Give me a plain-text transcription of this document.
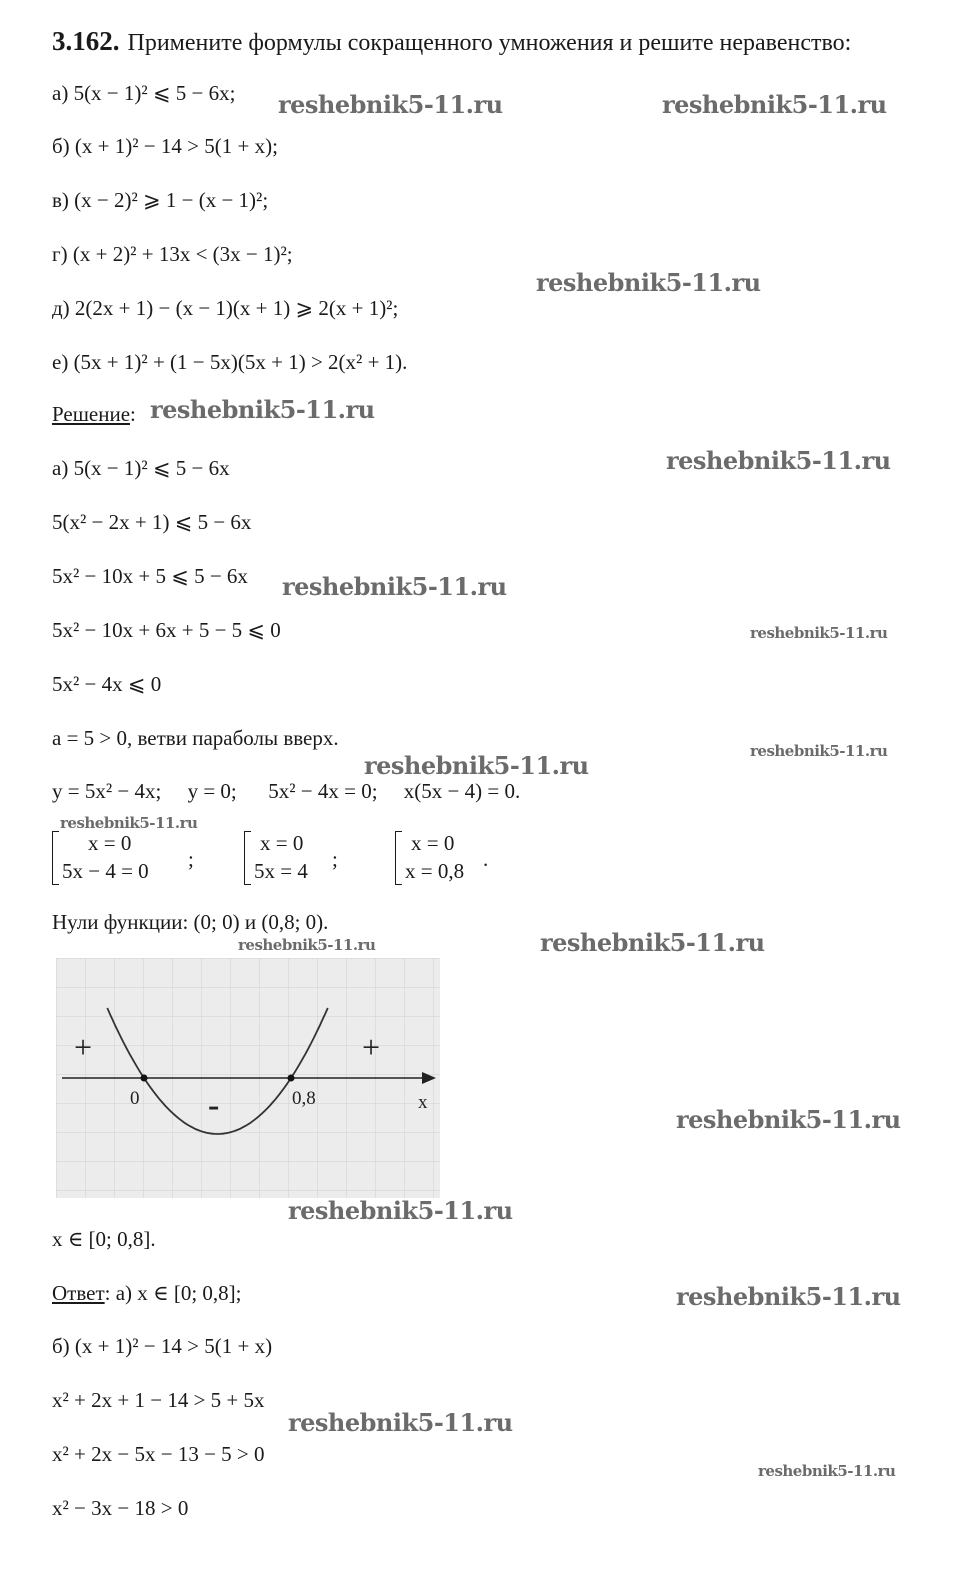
3.162. Примените формулы сокращенного умножения и решите неравенство:
а) 5(x − 1)² ⩽ 5 − 6x;
б) (x + 1)² − 14 > 5(1 + x);
в) (x − 2)² ⩾ 1 − (x − 1)²;
г) (x + 2)² + 13x < (3x − 1)²;
д) 2(2x + 1) − (x − 1)(x + 1) ⩾ 2(x + 1)²;
е) (5x + 1)² + (1 − 5x)(5x + 1) > 2(x² + 1).
Решение:
а) 5(x − 1)² ⩽ 5 − 6x
5(x² − 2x + 1) ⩽ 5 − 6x
5x² − 10x + 5 ⩽ 5 − 6x
5x² − 10x + 6x + 5 − 5 ⩽ 0
5x² − 4x ⩽ 0
a = 5 > 0, ветви параболы вверх.
y = 5x² − 4x;     y = 0;      5x² − 4x = 0;     x(5x − 4) = 0.
x = 0
5x − 4 = 0 ;
x = 0
5x = 4 ;
x = 0
x = 0,8 .
Нули функции: (0; 0) и (0,8; 0).
+	+
-
0	0,8	x
x ∈ [0; 0,8].
Ответ: а) x ∈ [0; 0,8];
б) (x + 1)² − 14 > 5(1 + x)
x² + 2x + 1 − 14 > 5 + 5x
x² + 2x − 5x − 13 − 5 > 0
x² − 3x − 18 > 0
reshebnik5-11.ru	reshebnik5-11.ru
reshebnik5-11.ru
reshebnik5-11.ru
reshebnik5-11.ru
reshebnik5-11.ru
reshebnik5-11.ru
reshebnik5-11.ru
reshebnik5-11.ru
reshebnik5-11.ru
reshebnik5-11.ru	reshebnik5-11.ru
reshebnik5-11.ru
reshebnik5-11.ru
reshebnik5-11.ru
reshebnik5-11.ru
reshebnik5-11.ru
